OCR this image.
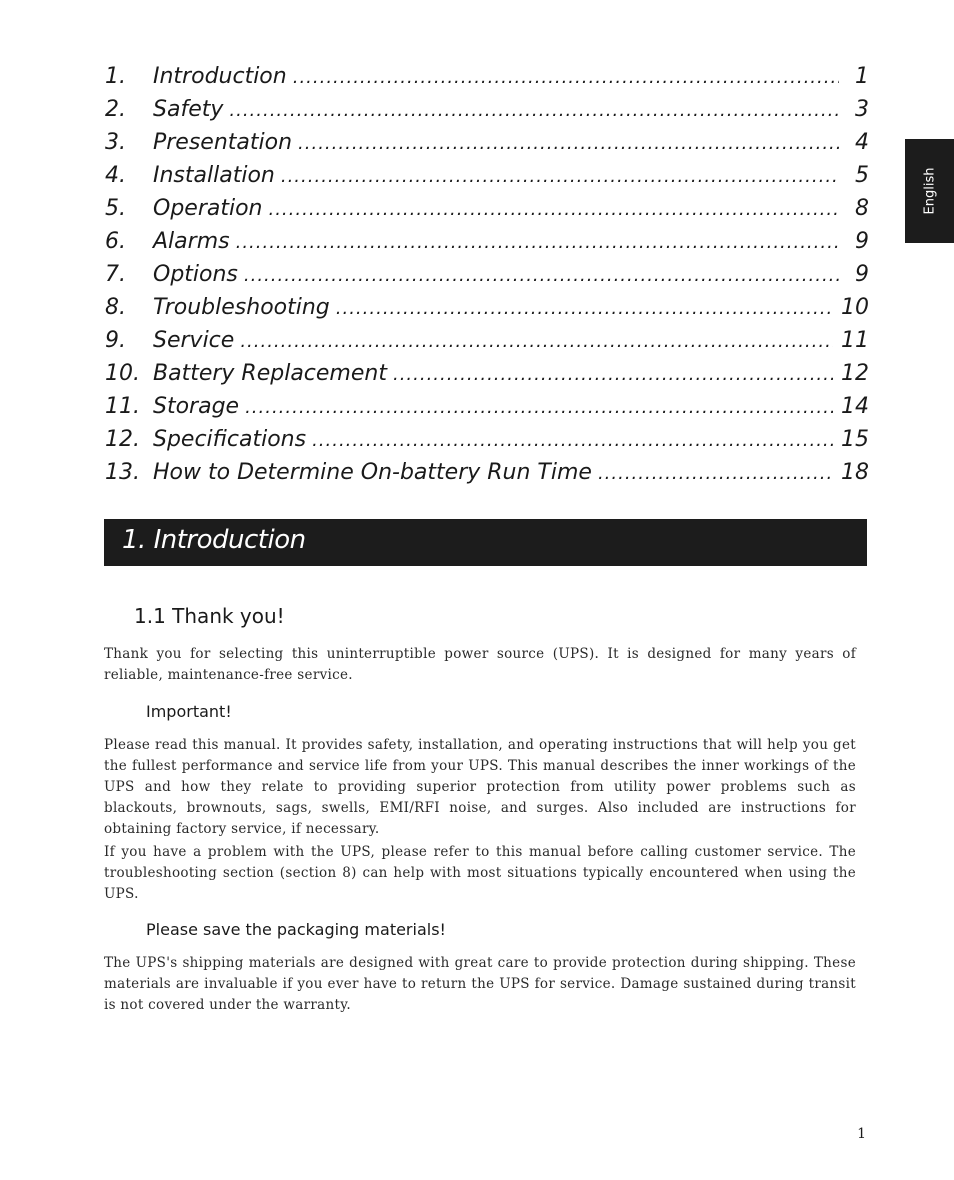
1.	Introduction .....	1
2.	Safety .....	3
3.	Presentation .....	4
4.	Installation .....	5
5.	Operation .....	8
6.	Alarms .....	9
7.	Options .....	9
8.	Troubleshooting .....	10
9.	Service .....	11
10. Battery Replacement .....	12
11. Storage .....	14
12. Specifications .....	15
13. How to Determine On-battery Run Time .....	18
English
1. Introduction
1.1 Thank you!

Thank you for selecting this uninterruptible power source (UPS). It is designed for many years of reliable, maintenance-free service.

Important!

Please read this manual. It provides safety, installation, and operating instructions that will help you get the fullest performance and service life from your UPS. This manual describes the inner workings of the UPS and how they relate to providing superior protection from utility power problems such as blackouts, brownouts, sags, swells, EMI/RFI noise, and surges. Also included are instructions for obtaining factory service, if necessary.

If you have a problem with the UPS, please refer to this manual before calling customer service. The troubleshooting section (section 8) can help with most situations typically encountered when using the UPS.

Please save the packaging materials!

The UPS's shipping materials are designed with great care to provide protection during shipping. These materials are invaluable if you ever have to return the UPS for service. Damage sustained during transit is not covered under the warranty.

1
